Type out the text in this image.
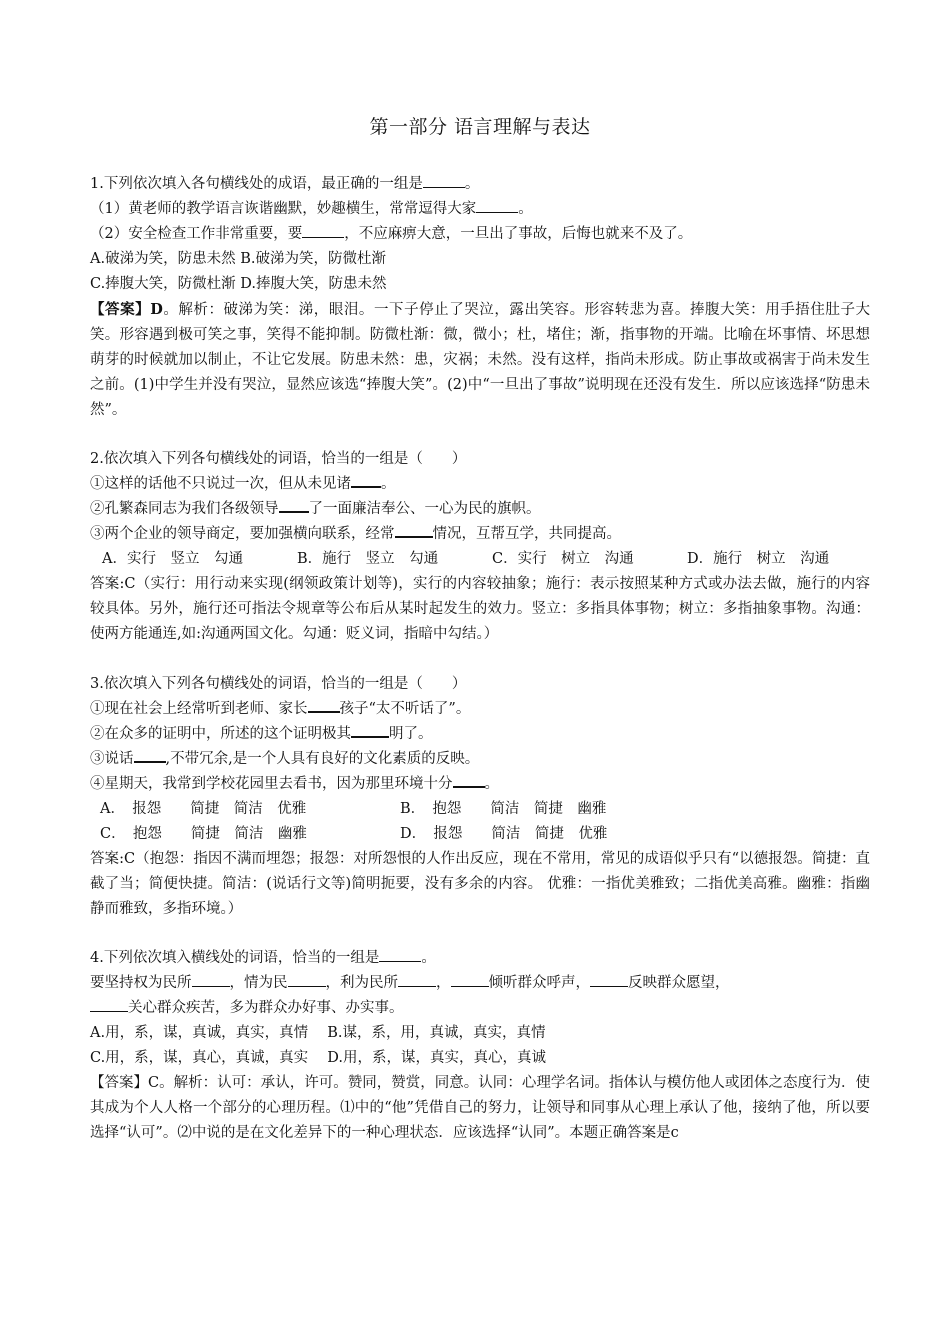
第一部分 语言理解与表达
1.下列依次填入各句横线处的成语，最正确的一组是	。
（1）黄老师的教学语言诙谐幽默，妙趣横生，常常逗得大家	。
（2）安全检查工作非常重要，要	，不应麻痹大意，一旦出了事故，后悔也就来不及了。
A.破涕为笑，防患未然 B.破涕为笑，防微杜渐
C.捧腹大笑，防微杜渐 D.捧腹大笑，防患未然
【答案】D。解析：破涕为笑：涕，眼泪。一下子停止了哭泣，露出笑容。形容转悲为喜。捧腹大笑：用手捂住肚子大笑。形容遇到极可笑之事，笑得不能抑制。防微杜渐：微，微小；杜，堵住；渐，指事物的开端。比喻在坏事情、坏思想萌芽的时候就加以制止，不让它发展。防患未然：患，灾祸；未然。没有这样，指尚未形成。防止事故或祸害于尚未发生之前。(1)中学生并没有哭泣，显然应该选“捧腹大笑”。(2)中“一旦出了事故”说明现在还没有发生．所以应该选择“防患未然”。
2.依次填入下列各句横线处的词语，恰当的一组是（　　）
①这样的话他不只说过一次，但从未见诸 。
②孔繁森同志为我们各级领导 了一面廉洁奉公、一心为民的旗帜。
③两个企业的领导商定，要加强横向联系，经常	情况，互帮互学，共同提高。
A．实行　竖立　勾通	B．施行　竖立　勾通	C．实行　树立　沟通	D．施行　树立　沟通
答案:C（实行：用行动来实现(纲领政策计划等)，实行的内容较抽象；施行：表示按照某种方式或办法去做，施行的内容较具体。另外，施行还可指法令规章等公布后从某时起发生的效力。竖立：多指具体事物；树立：多指抽象事物。沟通：使两方能通连,如:沟通两国文化。勾通：贬义词，指暗中勾结。）
3.依次填入下列各句横线处的词语，恰当的一组是（　　）
①现在社会上经常听到老师、家长 孩子“太不听话了”。
②在众多的证明中，所述的这个证明极其	明了。
③说话 ,不带冗余,是一个人具有良好的文化素质的反映。
④星期天，我常到学校花园里去看书，因为那里环境十分 。
A．　报怨　　简捷　简洁　优雅	B．　抱怨　　简洁　简捷　幽雅
C．　抱怨　　简捷　简洁　幽雅	D．　报怨　　简洁　简捷　优雅
答案:C（抱怨：指因不满而埋怨；报怨：对所怨恨的人作出反应，现在不常用，常见的成语似乎只有“以德报怨。简捷：直截了当；简便快捷。简洁：(说话行文等)简明扼要，没有多余的内容。 优雅：一指优美雅致；二指优美高雅。幽雅：指幽静而雅致，多指环境。）
4.下列依次填入横线处的词语，恰当的一组是	。
要坚持权为民所	，情为民	，利为民所	，	倾听群众呼声，	反映群众愿望，
关心群众疾苦，多为群众办好事、办实事。
A.用，系，谋，真诚，真实，真情　 B.谋，系，用，真诚，真实，真情
C.用，系，谋，真心，真诚，真实　 D.用，系，谋，真实，真心，真诚
【答案】C。解析：认可：承认，许可。赞同，赞赏，同意。认同：心理学名词。指体认与模仿他人或团体之态度行为．使其成为个人人格一个部分的心理历程。⑴中的“他”凭借自己的努力，让领导和同事从心理上承认了他，接纳了他，所以要选择“认可”。⑵中说的是在文化差异下的一种心理状态．应该选择“认同”。本题正确答案是c
